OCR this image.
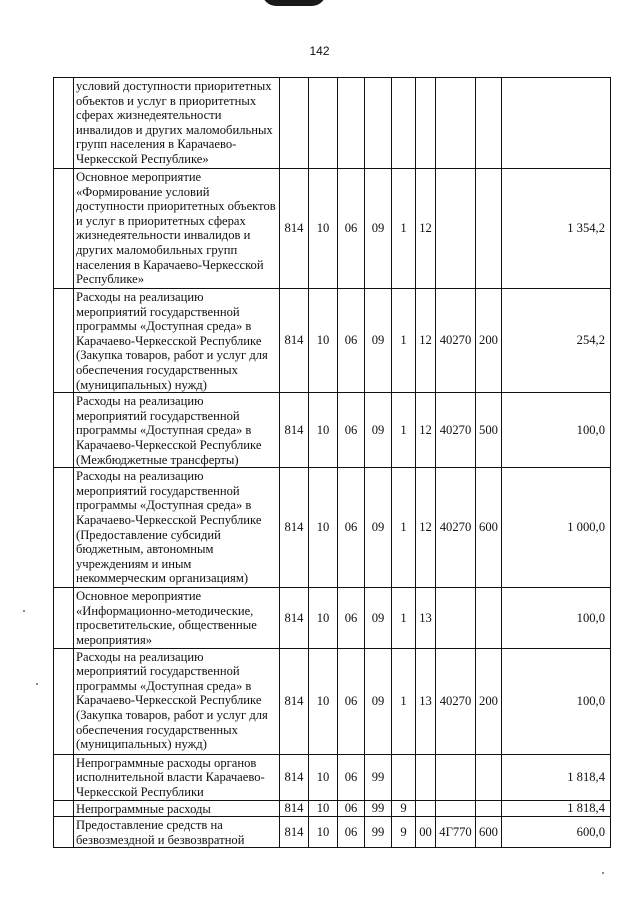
142
	условий доступности приоритетных объектов и услуг в приоритетных сферах жизнедеятельности инвалидов и других маломобильных групп населения в Карачаево-Черкесской Республике»									
	Основное мероприятие «Формирование условий доступности приоритетных объектов и услуг в приоритетных сферах жизнедеятельности инвалидов и других маломобильных групп населения в Карачаево-Черкесской Республике»	814	10	06	09	1	12			1 354,2
	Расходы на реализацию мероприятий государственной программы «Доступная среда» в Карачаево-Черкесской Республике (Закупка товаров, работ и услуг для обеспечения государственных (муниципальных) нужд)	814	10	06	09	1	12	40270	200	254,2
	Расходы на реализацию мероприятий государственной программы «Доступная среда» в Карачаево-Черкесской Республике (Межбюджетные трансферты)	814	10	06	09	1	12	40270	500	100,0
	Расходы на реализацию мероприятий государственной программы «Доступная среда» в Карачаево-Черкесской Республике (Предоставление субсидий бюджетным, автономным учреждениям и иным некоммерческим организациям)	814	10	06	09	1	12	40270	600	1 000,0
	Основное мероприятие «Информационно-методические, просветительские, общественные мероприятия»	814	10	06	09	1	13			100,0
	Расходы на реализацию мероприятий государственной программы «Доступная среда» в Карачаево-Черкесской Республике (Закупка товаров, работ и услуг для обеспечения государственных (муниципальных) нужд)	814	10	06	09	1	13	40270	200	100,0
	Непрограммные расходы органов исполнительной власти Карачаево-Черкесской Республики	814	10	06	99					1 818,4
	Непрограммные расходы	814	10	06	99	9				1 818,4
	Предоставление средств на безвозмездной и безвозвратной	814	10	06	99	9	00	4Г770	600	600,0
